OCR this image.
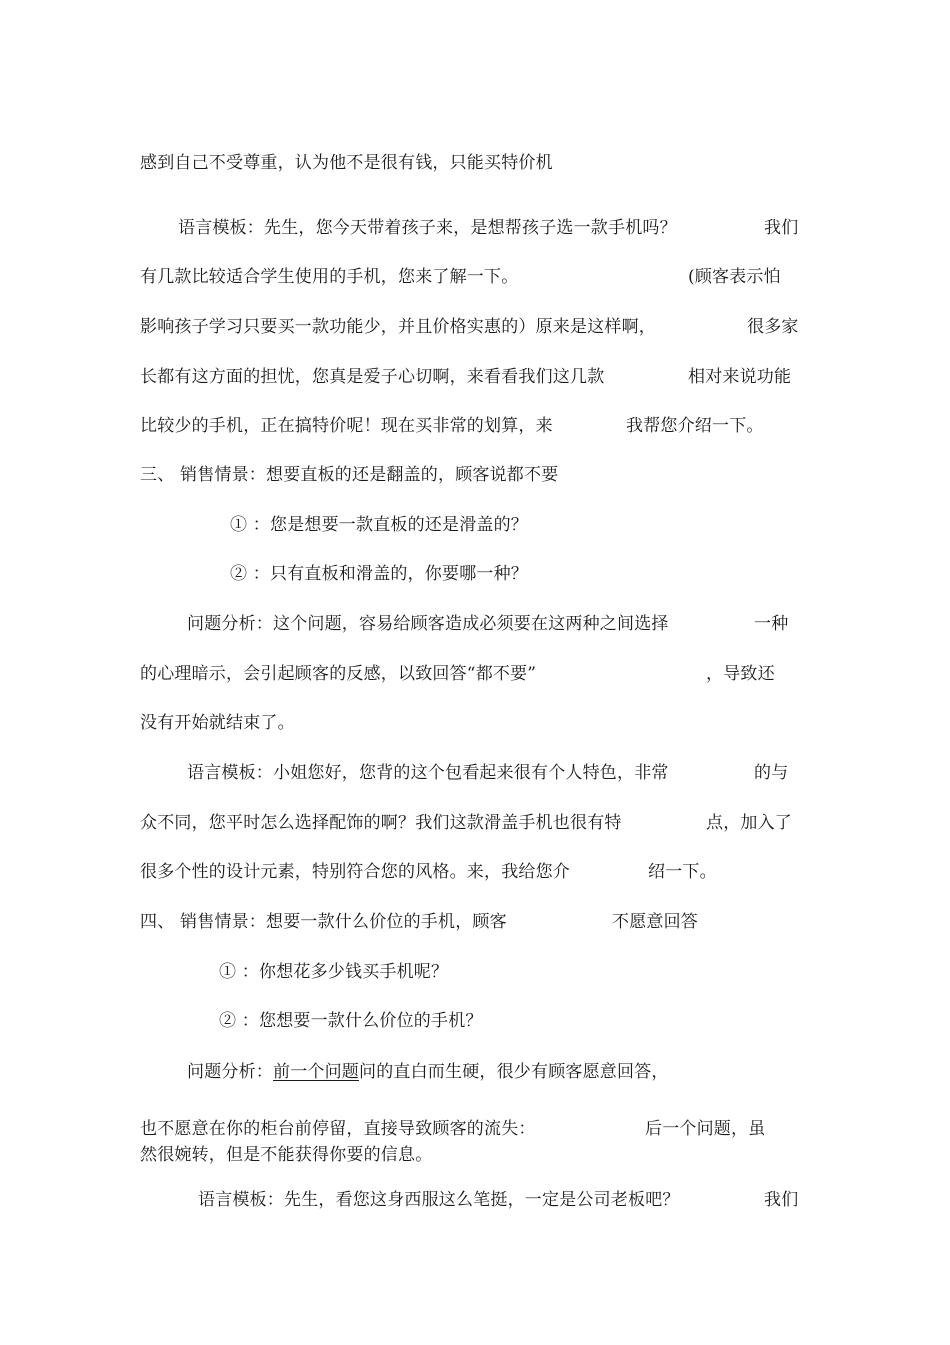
感到自己不受尊重，认为他不是很有钱，只能买特价机
语言模板：先生，您今天带着孩子来，是想帮孩子选一款手机吗？	我们
有几款比较适合学生使用的手机，您来了解一下。	(顾客表示怕
影响孩子学习只要买一款功能少，并且价格实惠的）原来是这样啊，	很多家
长都有这方面的担忧，您真是爱子心切啊，来看看我们这几款	相对来说功能
比较少的手机，正在搞特价呢！现在买非常的划算，来	我帮您介绍一下。
三、 销售情景：想要直板的还是翻盖的，顾客说都不要
① ：您是想要一款直板的还是滑盖的？
② ：只有直板和滑盖的，你要哪一种？
问题分析：这个问题，容易给顾客造成必须要在这两种之间选择	一种
的心理暗示，会引起顾客的反感，以致回答“都不要”	，导致还
没有开始就结束了。
语言模板：小姐您好，您背的这个包看起来很有个人特色，非常	的与
众不同，您平时怎么选择配饰的啊？我们这款滑盖手机也很有特	点，加入了
很多个性的设计元素，特别符合您的风格。来，我给您介	绍一下。
四、 销售情景：想要一款什么价位的手机，顾客	不愿意回答
① ：你想花多少钱买手机呢？
② ：您想要一款什么价位的手机？
问题分析：前一个问题问的直白而生硬，很少有顾客愿意回答，
也不愿意在你的柜台前停留，直接导致顾客的流失：	后一个问题，虽
然很婉转，但是不能获得你要的信息。
语言模板：先生，看您这身西服这么笔挺，一定是公司老板吧？	我们
